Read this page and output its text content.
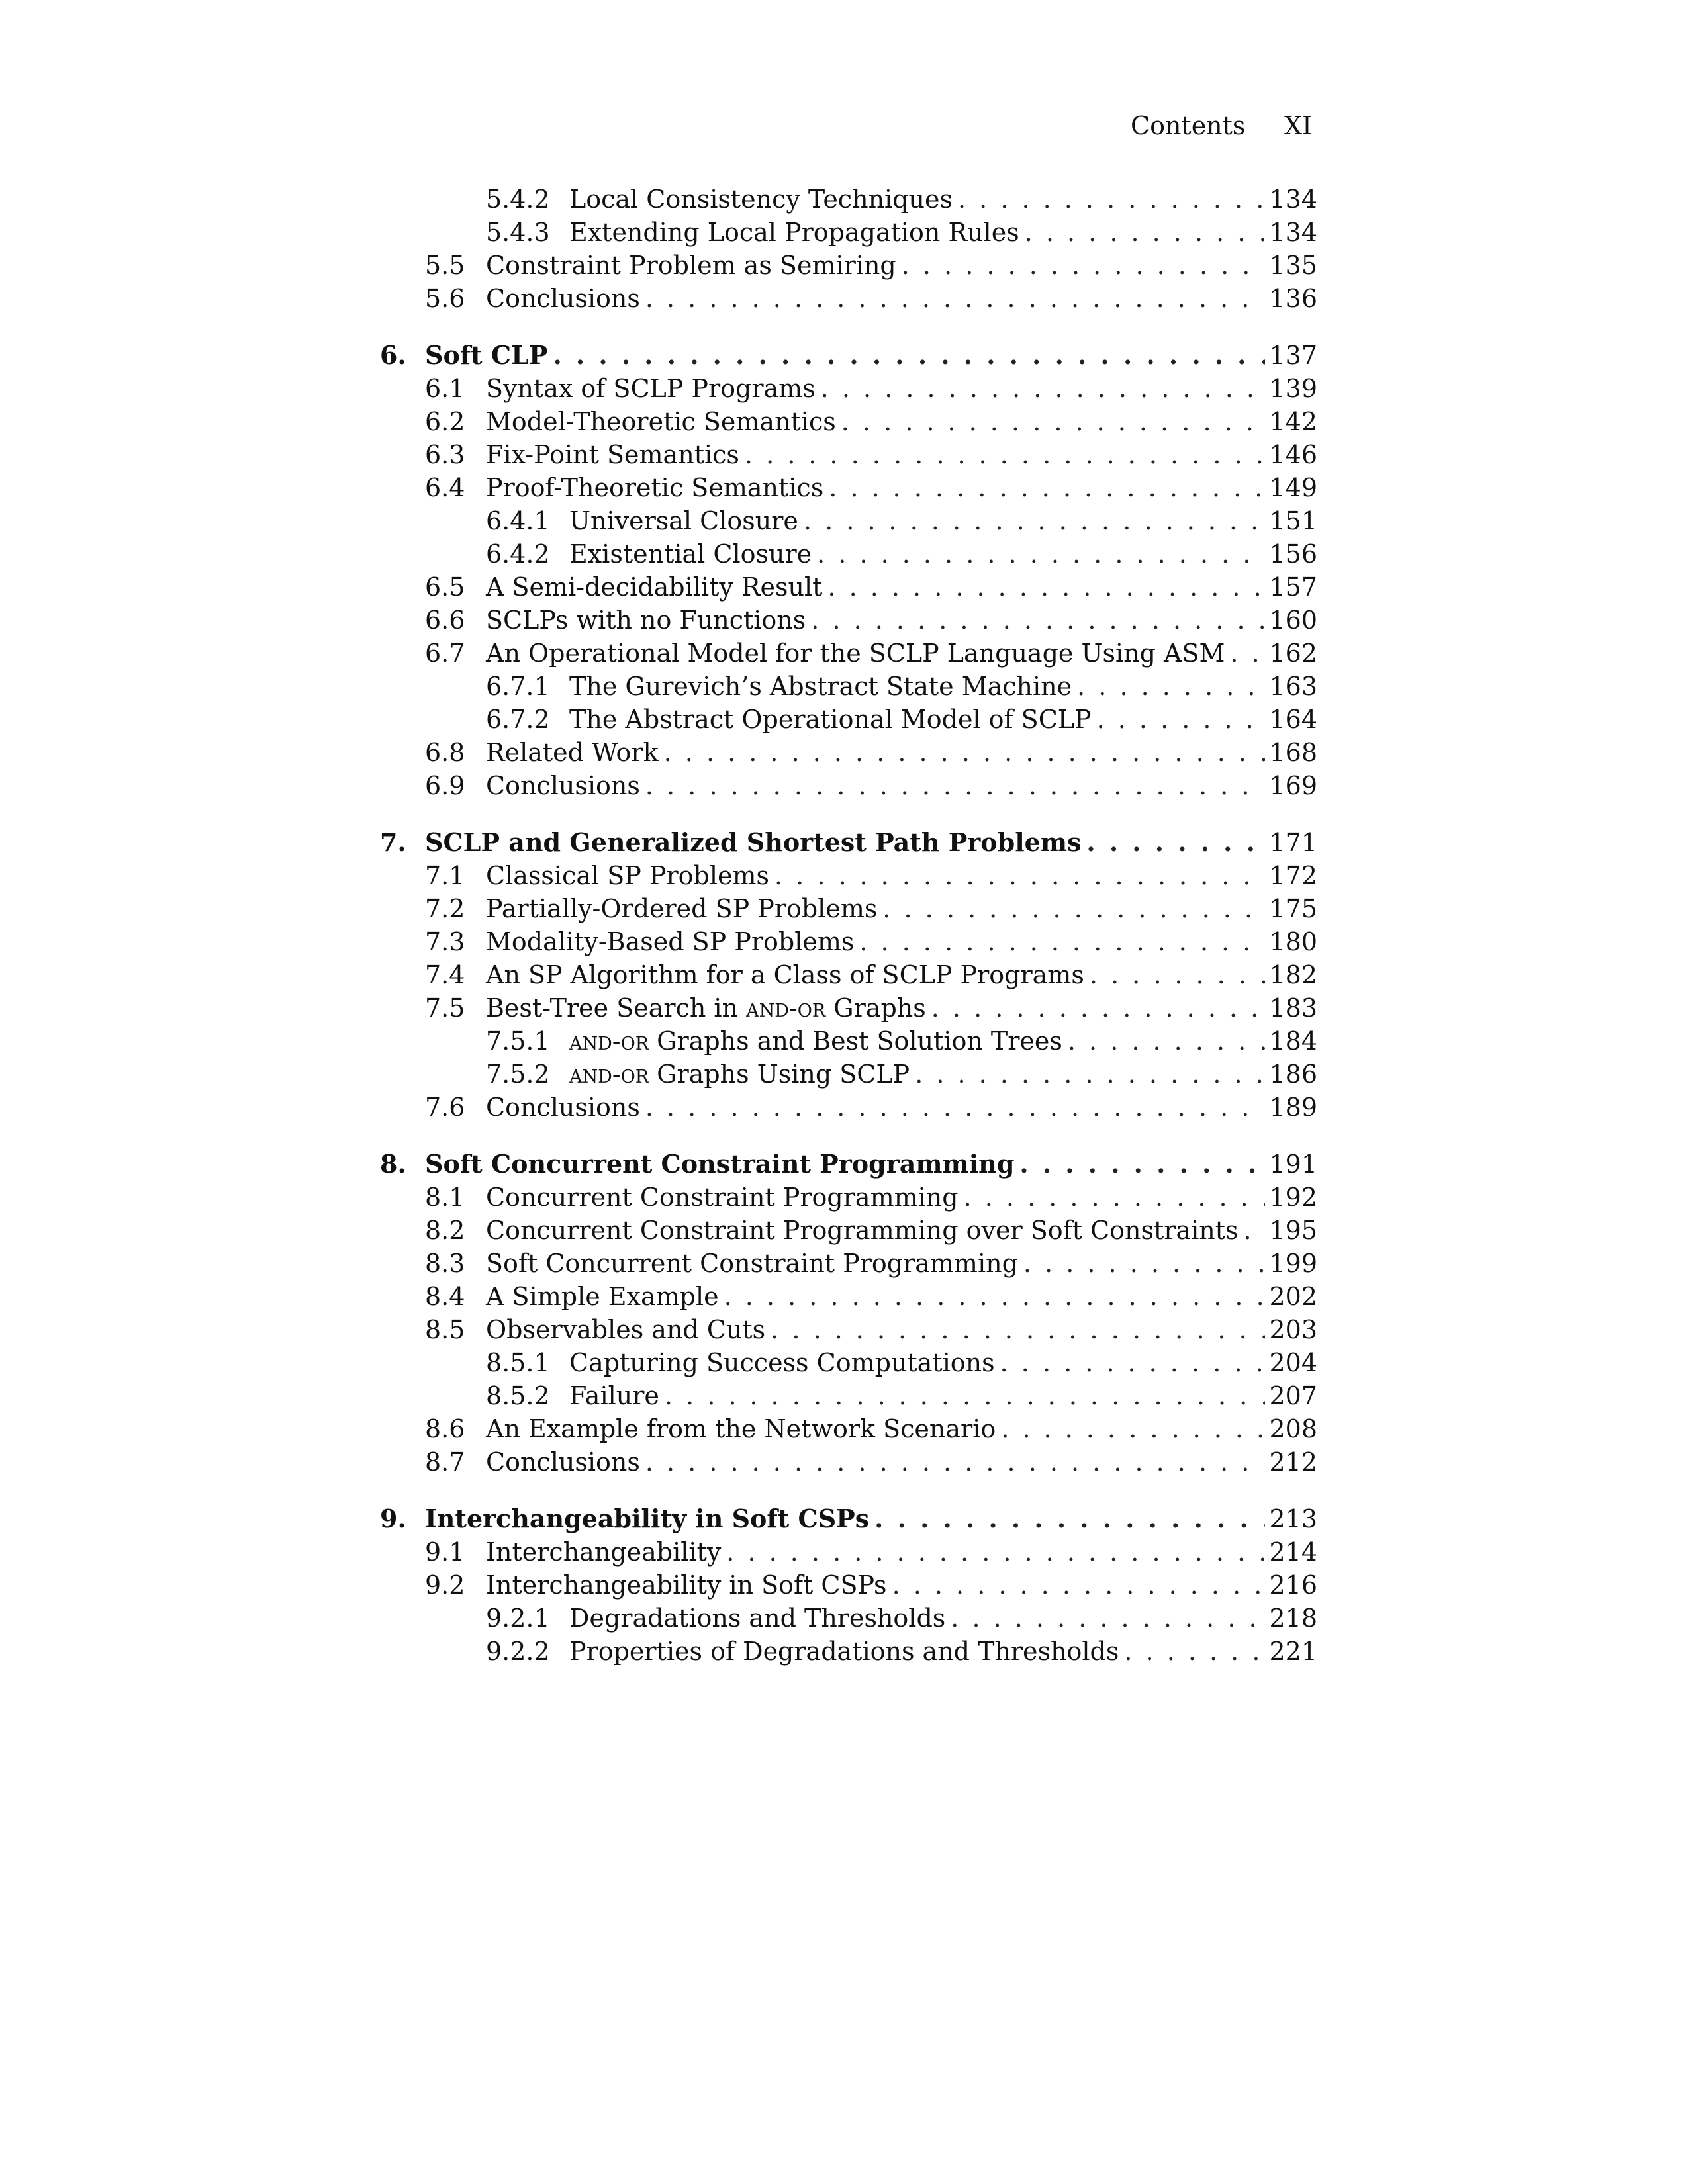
Contents XI
5.4.2 Local Consistency Techniques . . .	134
5.4.3 Extending Local Propagation Rules . . .	134
5.5 Constraint Problem as Semiring . . .	135
5.6 Conclusions . . .	136
6. Soft CLP . . .	137
6.1 Syntax of SCLP Programs . . .	139
6.2 Model-Theoretic Semantics . . .	142
6.3 Fix-Point Semantics . . .	146
6.4 Proof-Theoretic Semantics . . .	149
6.4.1 Universal Closure . . .	151
6.4.2 Existential Closure . . .	156
6.5 A Semi-decidability Result . . .	157
6.6 SCLPs with no Functions . . .	160
6.7 An Operational Model for the SCLP Language Using ASM . . . 162
6.7.1 The Gurevich’s Abstract State Machine . . .	163
6.7.2 The Abstract Operational Model of SCLP . . .	164
6.8 Related Work . . .	168
6.9 Conclusions . . .	169
7. SCLP and Generalized Shortest Path Problems . . .	171
7.1 Classical SP Problems . . .	172
7.2 Partially-Ordered SP Problems . . .	175
7.3 Modality-Based SP Problems . . .	180
7.4 An SP Algorithm for a Class of SCLP Programs . . .	182
7.5 Best-Tree Search in and-or Graphs . . .	183
7.5.1 and-or Graphs and Best Solution Trees . . .	184
7.5.2 and-or Graphs Using SCLP . . .	186
7.6 Conclusions . . .	189
8. Soft Concurrent Constraint Programming . . .	191
8.1 Concurrent Constraint Programming . . .	192
8.2 Concurrent Constraint Programming over Soft Constraints . . . 195
8.3 Soft Concurrent Constraint Programming . . .	199
8.4 A Simple Example . . .	202
8.5 Observables and Cuts . . .	203
8.5.1 Capturing Success Computations . . .	204
8.5.2 Failure . . .	207
8.6 An Example from the Network Scenario . . .	208
8.7 Conclusions . . .	212
9. Interchangeability in Soft CSPs . . .	213
9.1 Interchangeability . . .	214
9.2 Interchangeability in Soft CSPs . . .	216
9.2.1 Degradations and Thresholds . . .	218
9.2.2 Properties of Degradations and Thresholds . . .	221
